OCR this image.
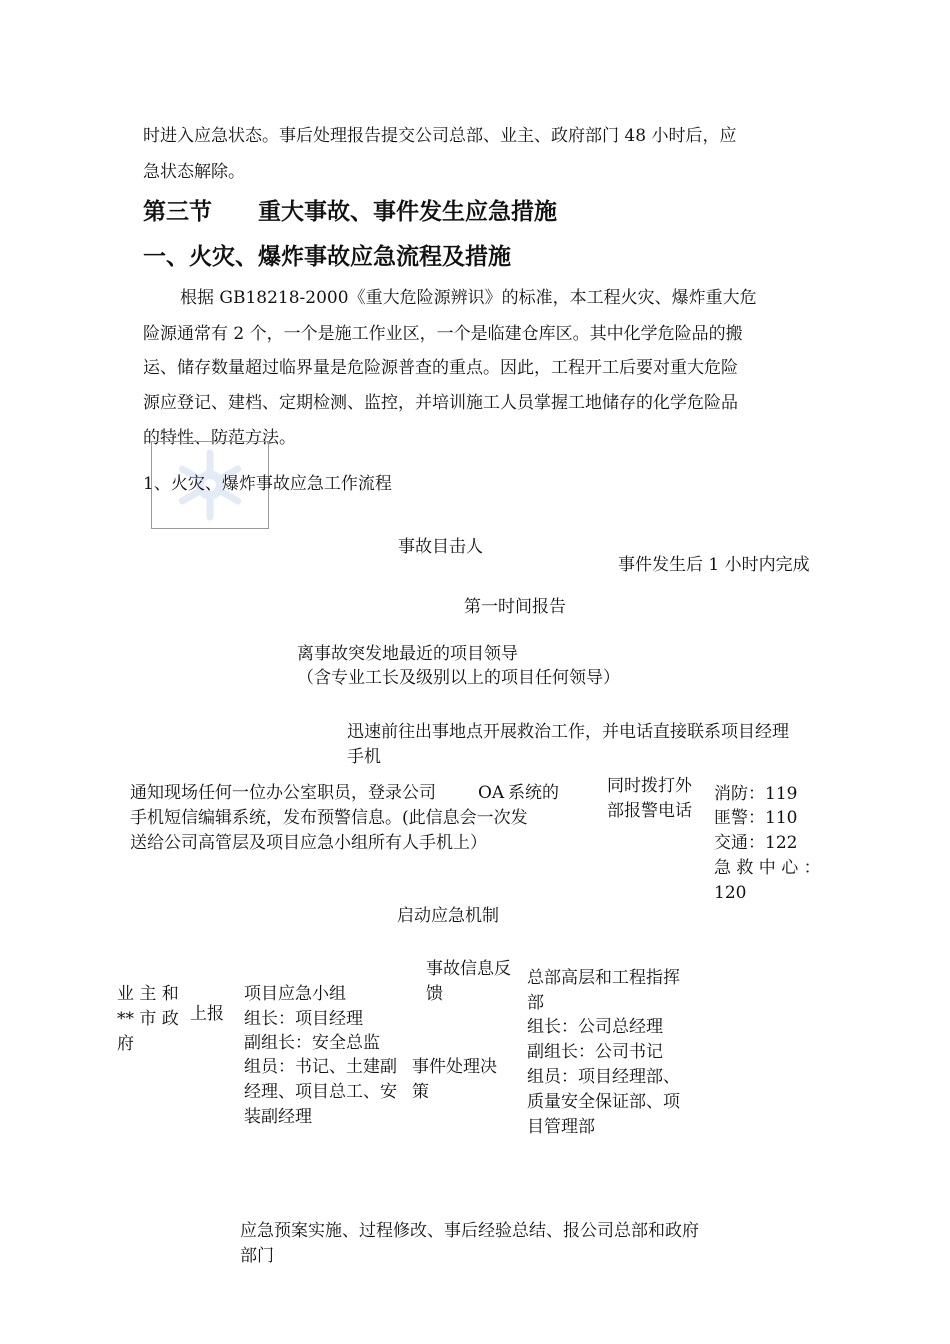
时进入应急状态。事后处理报告提交公司总部、业主、政府部门 48 小时后，应
急状态解除。
第三节　　重大事故、事件发生应急措施
一、火灾、爆炸事故应急流程及措施
根据 GB18218-2000《重大危险源辨识》的标准，本工程火灾、爆炸重大危
险源通常有 2 个，一个是施工作业区，一个是临建仓库区。其中化学危险品的搬
运、储存数量超过临界量是危险源普查的重点。因此，工程开工后要对重大危险
源应登记、建档、定期检测、监控，并培训施工人员掌握工地储存的化学危险品
的特性、防范方法。
1、火灾、爆炸事故应急工作流程
事故目击人
事件发生后 1 小时内完成
第一时间报告
离事故突发地最近的项目领导
（含专业工长及级别以上的项目任何领导）
迅速前往出事地点开展救治工作，并电话直接联系项目经理
手机
通知现场任何一位办公室职员，登录公司 OA 系统的
手机短信编辑系统，发布预警信息。(此信息会一次发
送给公司高管层及项目应急小组所有人手机上）
同时拨打外
部报警电话
消防：119
匪警：110
交通：122
急 救 中 心 ：
120
启动应急机制
事故信息反
馈
业 主 和
** 市 政
府
上报
项目应急小组
组长：项目经理
副组长：安全总监
组员：书记、土建副
经理、项目总工、安
装副经理
事件处理决
策
总部高层和工程指挥
部
组长：公司总经理
副组长：公司书记
组员：项目经理部、
质量安全保证部、项
目管理部
应急预案实施、过程修改、事后经验总结、报公司总部和政府
部门
